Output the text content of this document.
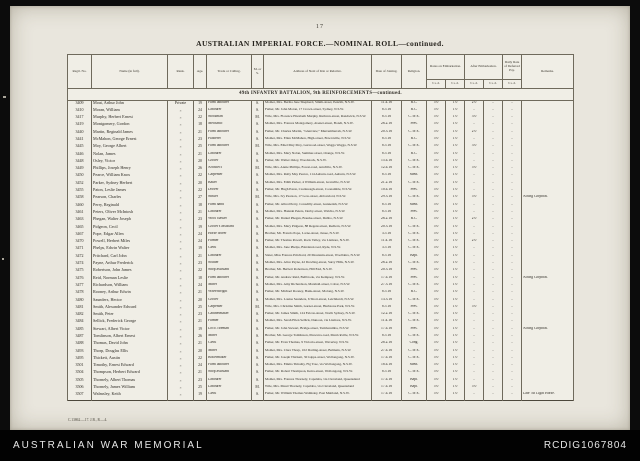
17
AUSTRALIAN IMPERIAL FORCE.—NOMINAL ROLL—continued.
Regtl. No.	Name (in full).	Rank.	Age.	Trade or Calling.	M. or S.	Address of Next of Kin or Relative.	Date of Joining.	Religion.	Rates on Embarkation.		After Embarkation.		Daily Rate of Deferred Pay.	Remarks.
									£ s. d.	£ s. d.	£ s. d.	£ s. d.	£ s. d.	
49th INFANTRY BATTALION, 9th REINFORCEMENTS—continued.														
3409	Moat, Arthur John	Private	19	Farm labourer	S.	Mother, Mrs. Bertha Jane Shepherd, Smith-street, Penrith, N.S.W.	11.4.16	R.C.	5 0	1 0	2 0	..	..	
3410	Moran, William	„	24	Labourer	S.	Father, Mr. John Moran, 17 Crown-street, Sydney, N.S.W.	8.5.16	R.C.	5 0	1 0	..	..	..	
3417	Murphy, Herbert Ernest	„	22	Stockman	M.	Wife, Mrs. Florence Elizabeth Murphy, Ruthven-street, Randwick, N.S.W.	8.5.16	C. of E.	5 0	1 0	3 0	..	..	
3419	Montgomery, Gordon	„	18	Mechanic	S.	Mother, Mrs. Frances Montgomery, Avenel-street, Bondi, N.S.W.	26.2.16	Pres.	5 0	1 0	..	..	..	
3440	Martin, Reginald James	„	21	Farm labourer	S.	Father, Mr. Charles Martin, “Glenview,” Murrumburrah, N.S.W.	20.3.16	C. of E.	5 0	1 0	2 0	..	..	
3441	McMahon, George Ernest	„	23	Plasterer	S.	Mother, Mrs. Ellen McMahon, High-street, Bowraville, N.S.W.	8.5.16	R.C.	5 0	1 0	..	..	..	
3445	Moy, George Albert	„	25	Farm labourer	M.	Wife, Mrs. Ethel May Moy, Gurwood-street, Wagga Wagga, N.S.W.	8.5.16	C. of E.	5 0	1 0	3 0	..	..	
3446	Nolan, James	„	21	Labourer	S.	Mother, Mrs. Mary Nolan, Summer-street, Orange, N.S.W.	8.5.16	R.C.	5 0	1 0	..	..	..	
3448	Osley, Victor	„	20	Grocer	S.	Father, Mr. Walter Osley, Woodstock, N.S.W.	15.4.16	C. of E.	5 0	1 0	..	..	..	
3449	Phillips, Joseph Henry	„	26	Architect	M.	Wife, Mrs. Annie Phillips, Forest-road, Arncliffe, N.S.W.	12.4.16	C. of E.	5 0	1 0	5 0	..	..	
3450	Pearce, William Knox	„	22	Carpenter	S.	Mother, Mrs. Ruby May Pearce, 114 Auburn-road, Auburn, N.S.W.	8.5.16	Meth.	5 0	1 0	..	..	..	
3452	Parker, Sydney Herbert	„	20	Baker	S.	Mother, Mrs. Edith Parker, 4 William-street, Granville, N.S.W.	21.2.16	C. of E.	5 0	1 0	..	..	..	
3455	Paton, Leslie James	„	22	Drover	S.	Father, Mr. Hugh Paton, Castlereagh-street, Coonamble, N.S.W.	10.4.16	Pres.	5 0	1 0	..	..	..	
3458	Pearson, Charles	„	27	Striker	M.	Wife, Mrs. Ivy Pearson, 17 Gow-street, Abbotsford, N.S.W.	29.3.16	C. of E.	5 0	1 0	5 0	..	..	Acting Corporal.
3460	Perry, Reginald	„	18	Farm hand	S.	Father, Mr. Alfred Perry, Conadilly-street, Gunnedah, N.S.W.	8.5.16	Meth.	5 0	1 0	..	..	..	
3461	Peters, Oliver McIntosh	„	21	Labourer	S.	Mother, Mrs. Hannah Peters, Derby-street, Walcha, N.S.W.	8.5.16	Pres.	5 0	1 0	..	..	..	
3463	Phegan, Walter Joseph	„	23	Wool classer	S.	Father, Mr. Daniel Phegan, Bourke-street, Dubbo, N.S.W.	26.2.16	R.C.	5 0	1 0	2 0	..	..	
3465	Pidgeon, Cecil	„	19	Grocer's assistant	S.	Mother, Mrs. Mary Pidgeon, 88 Regent-street, Redfern, N.S.W.	20.3.16	C. of E.	5 0	1 0	..	..	..	
3467	Pope, Edgar Allen	„	24	Horse driver	S.	Brother, Mr. Francis Pope, Lorne-street, Junee, N.S.W.	3.5.16	C. of E.	5 0	1 0	..	..	..	
3470	Powell, Herbert Miles	„	24	Farmer	S.	Father, Mr. Thomas Powell, Rock Valley, via Lismore, N.S.W.	11.4.16	C. of E.	5 0	1 0	2 0	..	..	
3471	Phelps, Edwin Walter	„	19	Clerk	S.	Mother, Mrs. Jane Phelps, Blaxland-road, Ryde, N.S.W.	3.5.16	C. of E.	5 0	1 0	..	..	..	
3472	Pritchard, Carl John	„	21	Labourer	S.	Sister, Miss Frances Pritchard, 20 Mountain-street, Woollahra, N.S.W.	8.5.16	Bapt.	5 0	1 0	..	..	..	
3474	Payne, Arthur Frederick	„	23	Soldier	S.	Mother, Mrs. Alice Payne, 42 Dowling-street, Surry Hills, N.S.W.	26.2.16	C. of E.	5 0	1 0	..	..	..	
3475	Robertson, John James	„	22	Shop assistant	S.	Brother, Mr. Herbert Robertson, Hill End, N.S.W.	20.3.16	Pres.	5 0	1 0	..	..	..	
3476	Reid, Norman Leslie	„	18	Farm labourer	S.	Father, Mr. Andrew Reid, Bellbrook, via Kempsey, N.S.W.	17.4.16	Pres.	5 0	1 0	..	..	..	Acting Corporal.
3477	Richardson, William	„	24	Miner	S.	Mother, Mrs. Amy Richardson, Marshall-street, Cobar, N.S.W.	27.3.16	C. of E.	5 0	1 0	..	..	..	
3478	Rooney, Arthur Edwin	„	21	Wheelwright	S.	Father, Mr. Michael Rooney, Bank-street, Molong, N.S.W.	8.5.16	R.C.	5 0	1 0	..	..	..	
3480	Saunders, Hector	„	20	Grocer	S.	Mother, Mrs. Louisa Saunders, 6 Short-street, Leichhardt, N.S.W.	13.3.16	C. of E.	5 0	1 0	..	..	..	
3481	Smith, Alexander Edward	„	25	Carpenter	M.	Wife, Mrs. Christina Smith, Garnet-street, Hurlstone Park, N.S.W.	8.5.16	Pres.	5 0	1 0	5 0	..	..	
3482	Smith, Peter	„	23	Cabinetmaker	S.	Father, Mr. James Smith, 124 Falcon-street, North Sydney, N.S.W.	12.2.16	C. of E.	5 0	1 0	..	..	..	
3484	Sellick, Frederick George	„	21	Farmer	S.	Mother, Mrs. Sarah Ellen Sellick, Dunoon, via Lismore, N.S.W.	11.4.16	C. of E.	5 0	1 0	..	..	..	
3485	Stewart, Albert Victor	„	19	Loco. fireman	S.	Father, Mr. John Stewart, Bridge-street, Tumbarumba, N.S.W.	17.4.16	Pres.	5 0	1 0	..	..	..	Acting Corporal.
3487	Tomlinson, Albert Ernest	„	26	Miner	S.	Brother, Mr. George Tomlinson, Illawarra-road, Marrickville, N.S.W.	8.5.16	C. of E.	5 0	1 0	..	..	..	
3488	Thomas, David John	„	21	Clerk	S.	Father, Mr. Evan Thomas, 9 Victoria-street, Waverley, N.S.W.	28.2.16	Cong.	5 0	1 0	..	..	..	
3493	Thorp, Douglas Ellis	„	20	Miner	S.	Mother, Mrs. Clara Thorp, 102 Darling-street, Balmain, N.S.W.	27.4.16	C. of E.	5 0	1 0	..	..	..	
3495	Thickett, Austin	„	22	Boilermaker	S.	Father, Mr. Joseph Thickett, 30 Gipps-street, Wollongong, N.S.W.	17.4.16	C. of E.	5 0	1 0	..	..	..	
3501	Timothy, Ernest Edward	„	24	Farm labourer	S.	Mother, Mrs. Emma Timothy, Fig Tree, via Wollongong, N.S.W.	18.4.16	Meth.	5 0	1 0	..	..	..	
3504	Thompson, Herbert Edward	„	21	Shop assistant	S.	Father, Mr. Robert Thompson, Keira-street, Wollongong, N.S.W.	8.5.16	C. of E.	5 0	1 0	..	..	..	
3505	Thornely, Albert Thomas	„	23	Labourer	S.	Mother, Mrs. Frances Thornely, Capalaba, via Cleveland, Queensland	17.4.16	Bapt.	5 0	1 0	..	..	..	
3506	Thornely, James William	„	25	Labourer	M.	Wife, Mrs. Maud Thornely, Capalaba, via Cleveland, Queensland	17.4.16	Bapt.	5 0	1 0	5 0	..	..	
3507	Walmsley, Keith	„	19	Clerk	S.	Father, Mr. William Thomas Walmsley, East Maitland, N.S.W.	17.4.16	C. of E.	5 0	1 0	..	..	..	Late 7th Light Horse.
C.13862.—17. J.B., R.—4.
AUSTRALIAN WAR MEMORIAL	RCDIG1067804
